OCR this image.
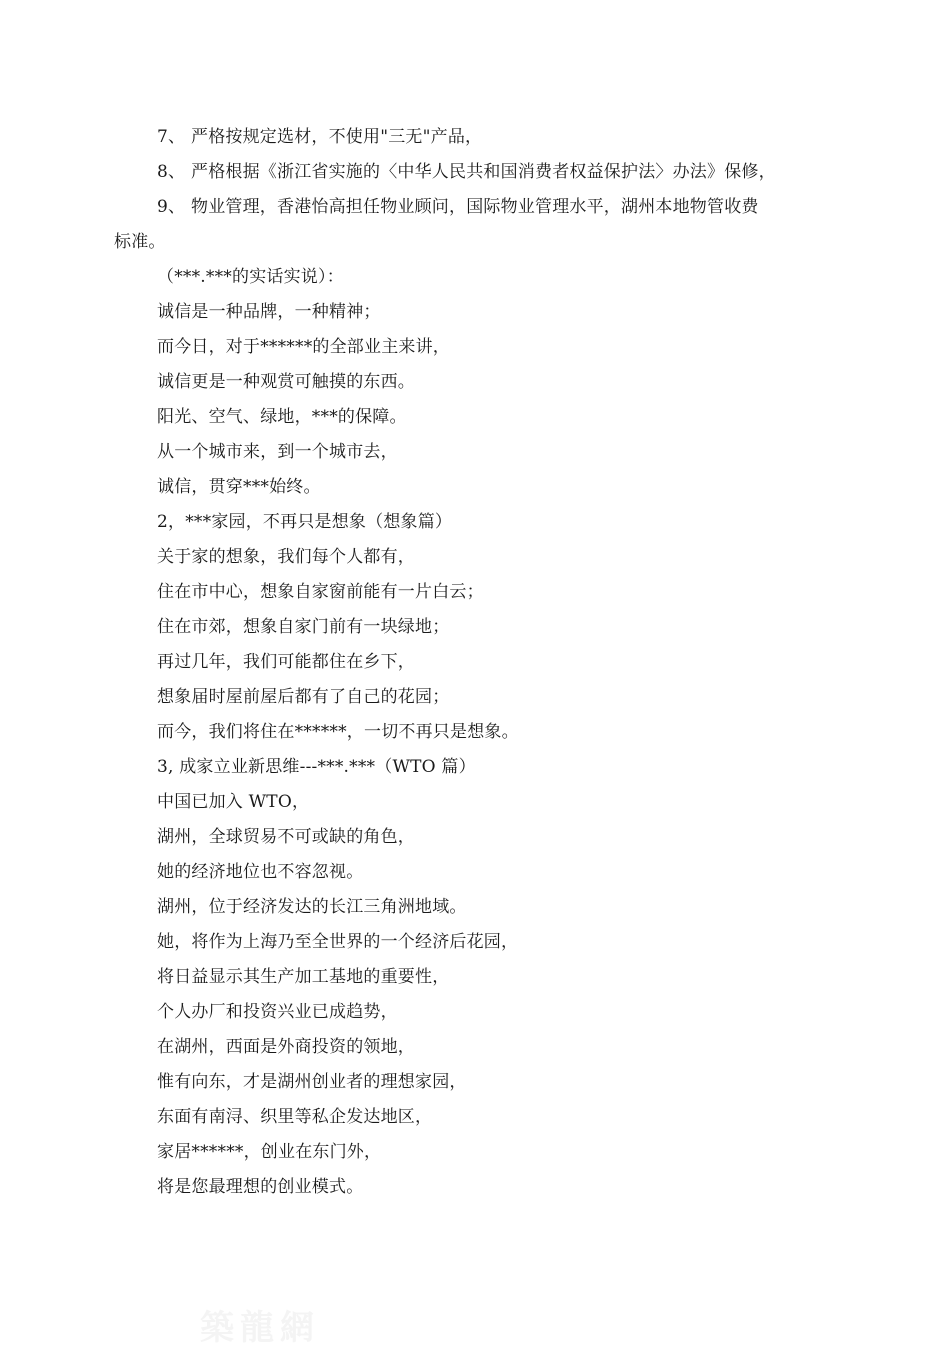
7、 严格按规定选材，不使用"三无"产品，
8、 严格根据《浙江省实施的〈中华人民共和国消费者权益保护法〉办法》保修，
9、 物业管理，香港怡高担任物业顾问，国际物业管理水平，湖州本地物管收费
标准。
（***.***的实话实说）：
诚信是一种品牌，一种精神；
而今日，对于******的全部业主来讲，
诚信更是一种观赏可触摸的东西。
阳光、空气、绿地，***的保障。
从一个城市来，到一个城市去，
诚信，贯穿***始终。
2，***家园，不再只是想象（想象篇）
关于家的想象，我们每个人都有，
住在市中心，想象自家窗前能有一片白云；
住在市郊，想象自家门前有一块绿地；
再过几年，我们可能都住在乡下，
想象届时屋前屋后都有了自己的花园；
而今，我们将住在******，一切不再只是想象。
3, 成家立业新思维---***.***（WTO 篇）
中国已加入 WTO，
湖州，全球贸易不可或缺的角色，
她的经济地位也不容忽视。
湖州，位于经济发达的长江三角洲地域。
她，将作为上海乃至全世界的一个经济后花园，
将日益显示其生产加工基地的重要性，
个人办厂和投资兴业已成趋势，
在湖州，西面是外商投资的领地，
惟有向东，才是湖州创业者的理想家园，
东面有南浔、织里等私企发达地区，
家居******，创业在东门外，
将是您最理想的创业模式。
築龍網
